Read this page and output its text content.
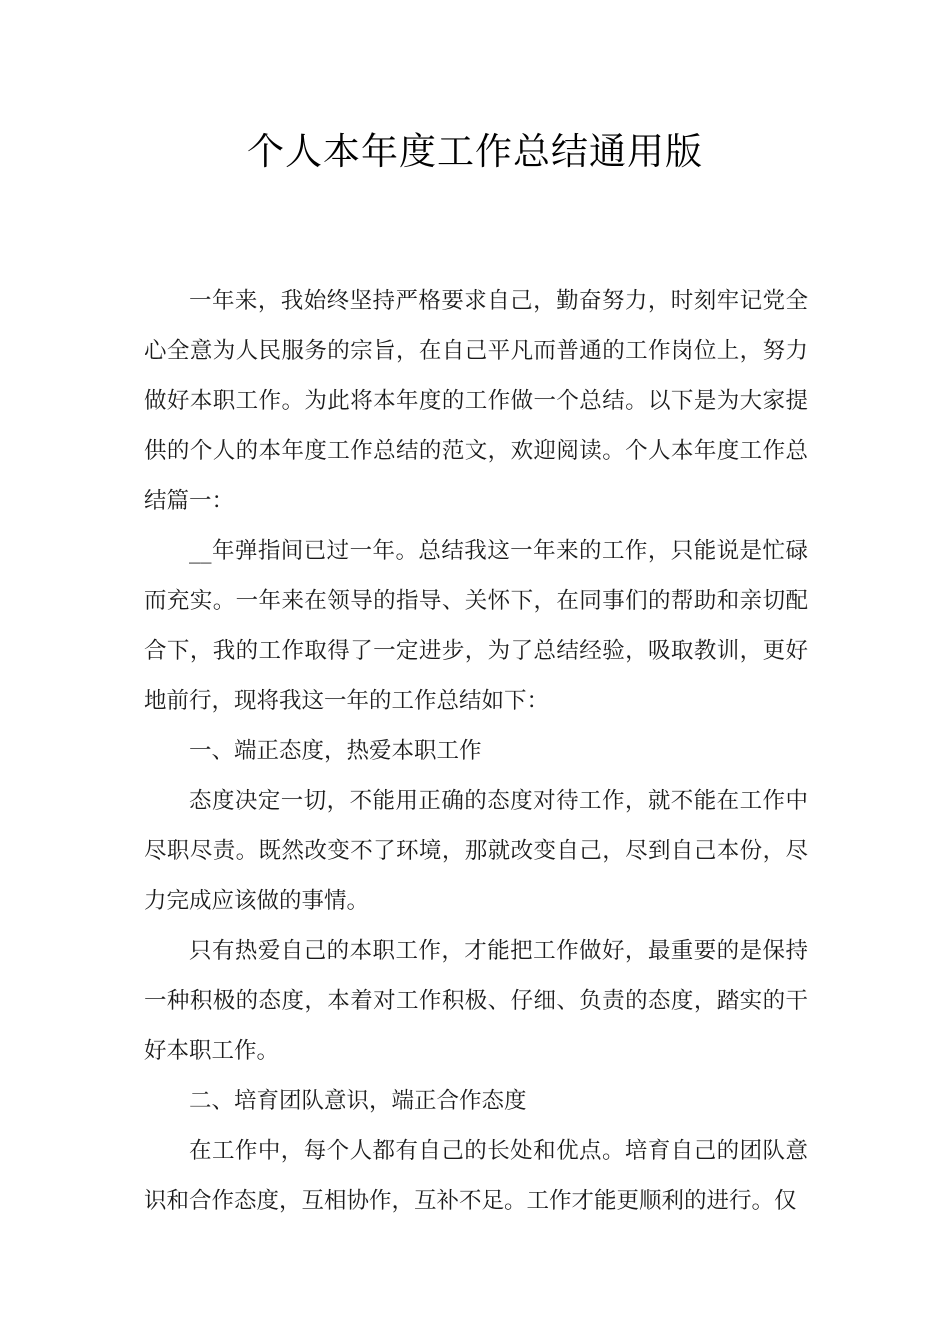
个人本年度工作总结通用版

一年来，我始终坚持严格要求自己，勤奋努力，时刻牢记党全心全意为人民服务的宗旨，在自己平凡而普通的工作岗位上，努力做好本职工作。为此将本年度的工作做一个总结。以下是为大家提供的个人的本年度工作总结的范文，欢迎阅读。个人本年度工作总结篇一：

__年弹指间已过一年。总结我这一年来的工作，只能说是忙碌而充实。一年来在领导的指导、关怀下，在同事们的帮助和亲切配合下，我的工作取得了一定进步，为了总结经验，吸取教训，更好地前行，现将我这一年的工作总结如下：

一、端正态度，热爱本职工作

态度决定一切，不能用正确的态度对待工作，就不能在工作中尽职尽责。既然改变不了环境，那就改变自己，尽到自己本份，尽力完成应该做的事情。

只有热爱自己的本职工作，才能把工作做好，最重要的是保持一种积极的态度，本着对工作积极、仔细、负责的态度，踏实的干好本职工作。

二、培育团队意识，端正合作态度

在工作中，每个人都有自己的长处和优点。培育自己的团队意识和合作态度，互相协作，互补不足。工作才能更顺利的进行。仅
